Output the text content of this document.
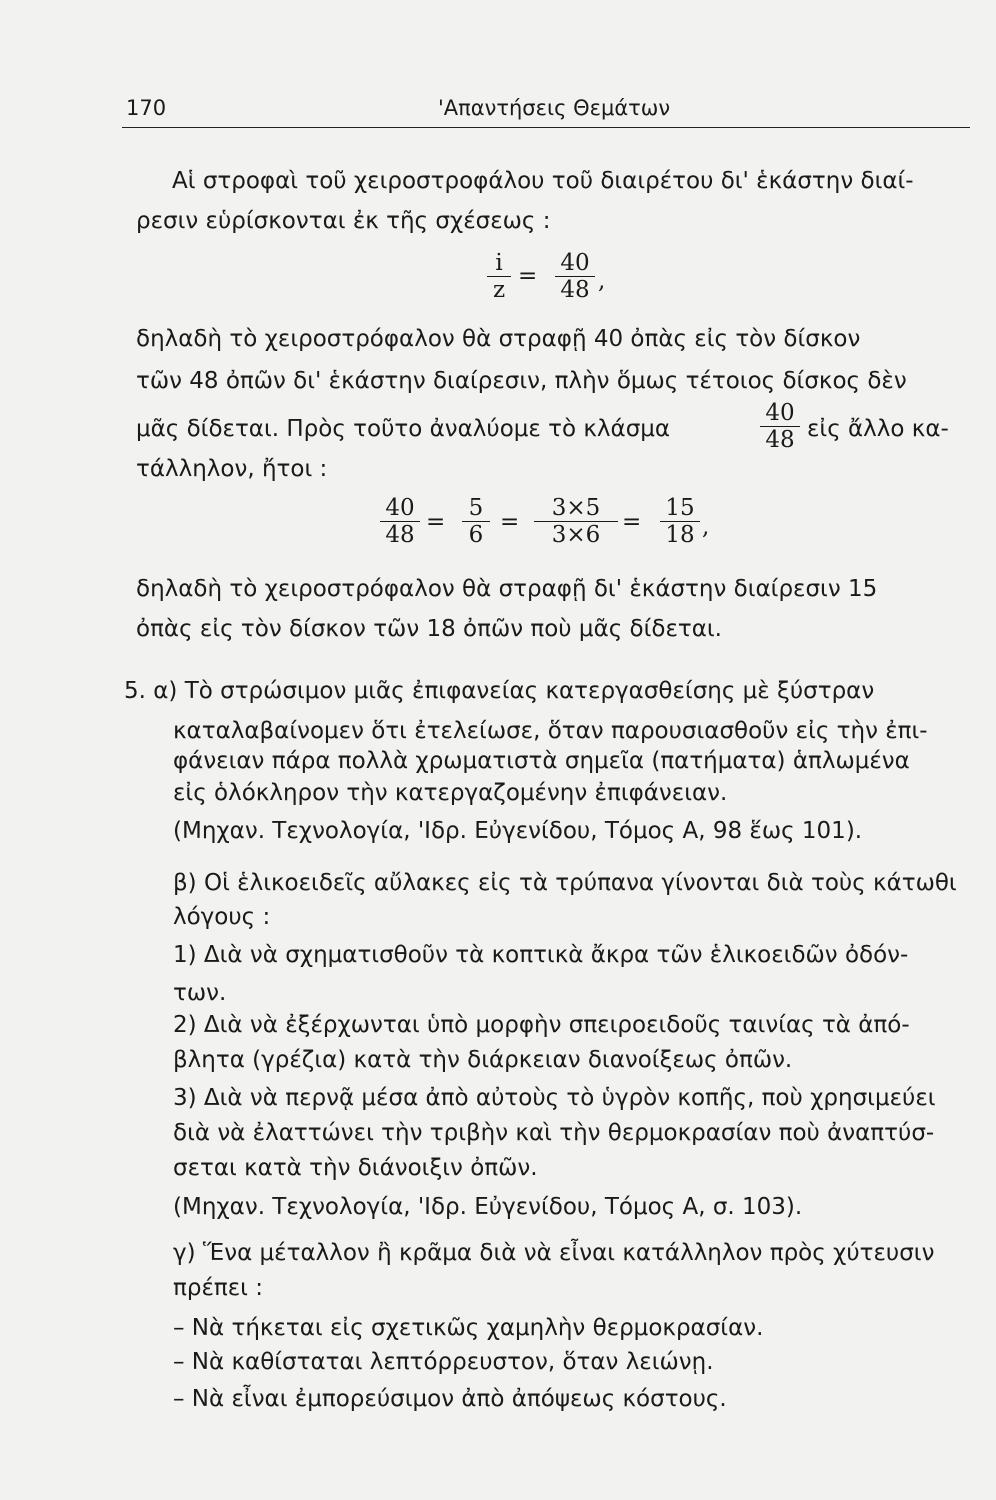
170	'Απαντήσεις Θεμάτων
Αἱ στροφαὶ τοῦ χειροστροφάλου τοῦ διαιρέτου δι' ἑκάστην διαί-
ρεσιν εὑρίσκονται ἐκ τῆς σχέσεως :
$\frac{i}{z} = \frac{40}{48}$ ,
δηλαδὴ τὸ χειροστρόφαλον θὰ στραφῇ 40 ὀπὰς εἰς τὸν δίσκον
τῶν 48 ὀπῶν δι' ἑκάστην διαίρεσιν, πλὴν ὅμως τέτοιος δίσκος δὲν
μᾶς δίδεται. Πρὸς τοῦτο ἀναλύομε τὸ κλάσμα	$\frac{40}{48}$ εἰς ἄλλο κα-
τάλληλον, ἤτοι :
$\frac{40}{48} = \frac{5}{6} = \frac{3\times 5}{3\times 6} = \frac{15}{18}$ ,
δηλαδὴ τὸ χειροστρόφαλον θὰ στραφῇ δι' ἑκάστην διαίρεσιν 15
ὀπὰς εἰς τὸν δίσκον τῶν 18 ὀπῶν ποὺ μᾶς δίδεται.
5. α) Τὸ στρώσιμον μιᾶς ἐπιφανείας κατεργασθείσης μὲ ξύστραν
καταλαβαίνομεν ὅτι ἐτελείωσε, ὅταν παρουσιασθοῦν εἰς τὴν ἐπι-
φάνειαν πάρα πολλὰ χρωματιστὰ σημεῖα (πατήματα) ἁπλωμένα
εἰς ὁλόκληρον τὴν κατεργαζομένην ἐπιφάνειαν.
(Μηχαν. Τεχνολογία, 'Ιδρ. Εὐγενίδου, Τόμος Α, 98 ἕως 101).
β) Οἱ ἑλικοειδεῖς αὔλακες εἰς τὰ τρύπανα γίνονται διὰ τοὺς κάτωθι
λόγους :
1) Διὰ νὰ σχηματισθοῦν τὰ κοπτικὰ ἄκρα τῶν ἑλικοειδῶν ὀδόν-
των.
2) Διὰ νὰ ἐξέρχωνται ὑπὸ μορφὴν σπειροειδοῦς ταινίας τὰ ἀπό-
βλητα (γρέζια) κατὰ τὴν διάρκειαν διανοίξεως ὀπῶν.
3) Διὰ νὰ περνᾷ μέσα ἀπὸ αὐτοὺς τὸ ὑγρὸν κοπῆς, ποὺ χρησιμεύει
διὰ νὰ ἐλαττώνει τὴν τριβὴν καὶ τὴν θερμοκρασίαν ποὺ ἀναπτύσ-
σεται κατὰ τὴν διάνοιξιν ὀπῶν.
(Μηχαν. Τεχνολογία, 'Ιδρ. Εὐγενίδου, Τόμος Α, σ. 103).
γ) Ἕνα μέταλλον ἢ κρᾶμα διὰ νὰ εἶναι κατάλληλον πρὸς χύτευσιν
πρέπει :
– Νὰ τήκεται εἰς σχετικῶς χαμηλὴν θερμοκρασίαν.
– Νὰ καθίσταται λεπτόρρευστον, ὅταν λειώνῃ.
– Νὰ εἶναι ἐμπορεύσιμον ἀπὸ ἀπόψεως κόστους.
